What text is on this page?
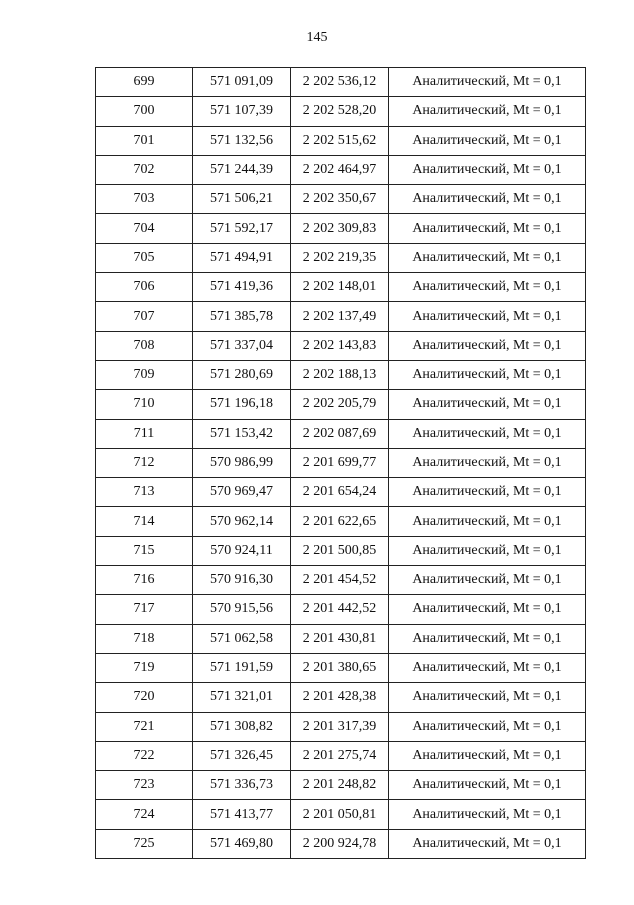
145
699	571 091,09	2 202 536,12	Аналитический, Mt = 0,1
700	571 107,39	2 202 528,20	Аналитический, Mt = 0,1
701	571 132,56	2 202 515,62	Аналитический, Mt = 0,1
702	571 244,39	2 202 464,97	Аналитический, Mt = 0,1
703	571 506,21	2 202 350,67	Аналитический, Mt = 0,1
704	571 592,17	2 202 309,83	Аналитический, Mt = 0,1
705	571 494,91	2 202 219,35	Аналитический, Mt = 0,1
706	571 419,36	2 202 148,01	Аналитический, Mt = 0,1
707	571 385,78	2 202 137,49	Аналитический, Mt = 0,1
708	571 337,04	2 202 143,83	Аналитический, Mt = 0,1
709	571 280,69	2 202 188,13	Аналитический, Mt = 0,1
710	571 196,18	2 202 205,79	Аналитический, Mt = 0,1
711	571 153,42	2 202 087,69	Аналитический, Mt = 0,1
712	570 986,99	2 201 699,77	Аналитический, Mt = 0,1
713	570 969,47	2 201 654,24	Аналитический, Mt = 0,1
714	570 962,14	2 201 622,65	Аналитический, Mt = 0,1
715	570 924,11	2 201 500,85	Аналитический, Mt = 0,1
716	570 916,30	2 201 454,52	Аналитический, Mt = 0,1
717	570 915,56	2 201 442,52	Аналитический, Mt = 0,1
718	571 062,58	2 201 430,81	Аналитический, Mt = 0,1
719	571 191,59	2 201 380,65	Аналитический, Mt = 0,1
720	571 321,01	2 201 428,38	Аналитический, Mt = 0,1
721	571 308,82	2 201 317,39	Аналитический, Mt = 0,1
722	571 326,45	2 201 275,74	Аналитический, Mt = 0,1
723	571 336,73	2 201 248,82	Аналитический, Mt = 0,1
724	571 413,77	2 201 050,81	Аналитический, Mt = 0,1
725	571 469,80	2 200 924,78	Аналитический, Mt = 0,1
